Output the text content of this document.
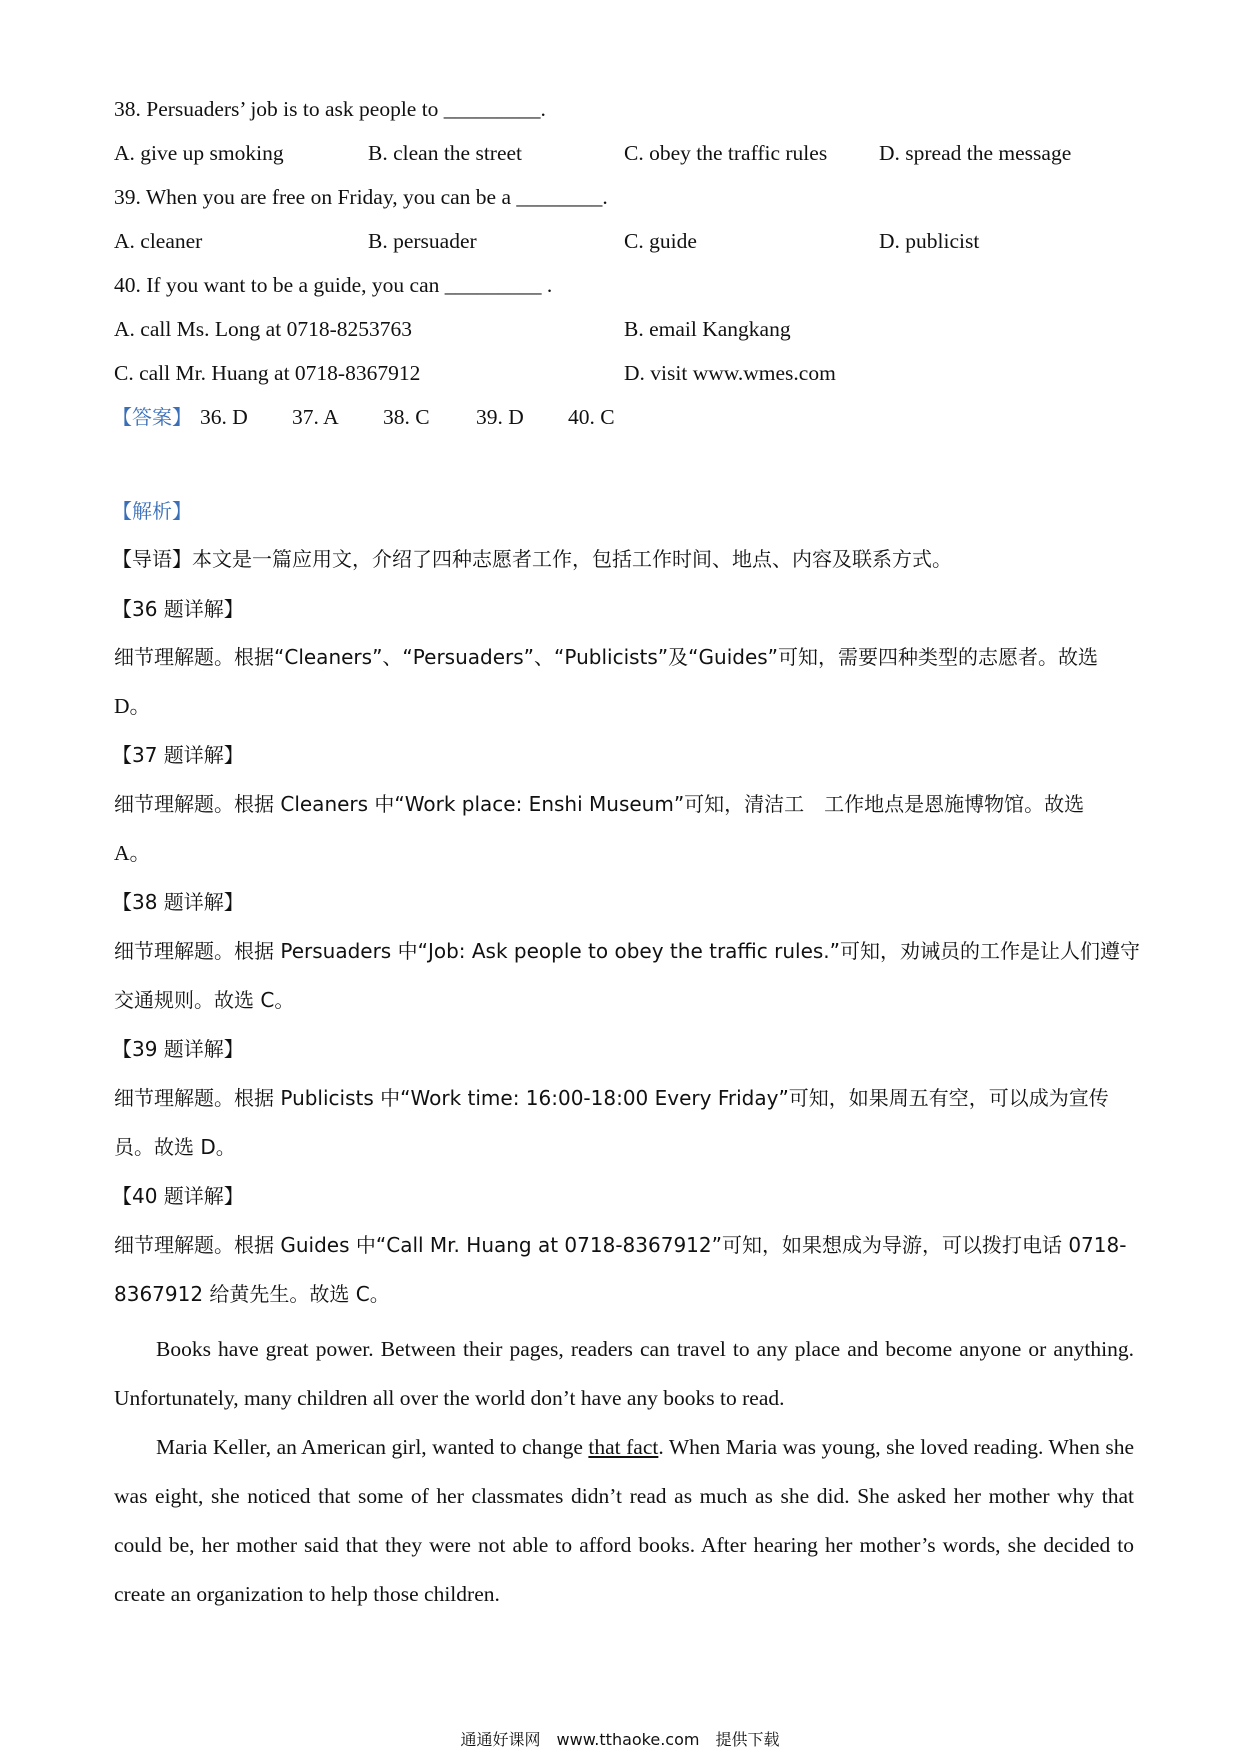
38. Persuaders’ job is to ask people to _________.
A. give up smoking	B. clean the street	C. obey the traffic rules D. spread the message
39. When you are free on Friday, you can be a ________.
A. cleaner	B. persuader	C. guide	D. publicist
40. If you want to be a guide, you can _________ .
A. call Ms. Long at 0718-8253763	B. email Kangkang
C. call Mr. Huang at 0718-8367912	D. visit www.wmes.com
【答案】 36. D 37. A 38. C 39. D 40. C
【解析】
【导语】本文是一篇应用文，介绍了四种志愿者工作，包括工作时间、地点、内容及联系方式。
【36 题详解】
细节理解题。根据“Cleaners”、“Persuaders”、“Publicists”及“Guides”可知，需要四种类型的志愿者。故选
D。
【37 题详解】
细节理解题。根据 Cleaners 中“Work place: Enshi Museum”可知，清洁工　工作地点是恩施博物馆。故选
A。
【38 题详解】
细节理解题。根据 Persuaders 中“Job: Ask people to obey the traffic rules.”可知，劝诫员的工作是让人们遵守
交通规则。故选 C。
【39 题详解】
细节理解题。根据 Publicists 中“Work time: 16:00-18:00 Every Friday”可知，如果周五有空，可以成为宣传
员。故选 D。
【40 题详解】
细节理解题。根据 Guides 中“Call Mr. Huang at 0718-8367912”可知，如果想成为导游，可以拨打电话 0718-
8367912 给黄先生。故选 C。
Books have great power. Between their pages, readers can travel to any place and become anyone or anything. Unfortunately, many children all over the world don’t have any books to read.
Maria Keller, an American girl, wanted to change that fact. When Maria was young, she loved reading. When she was eight, she noticed that some of her classmates didn’t read as much as she did. She asked her mother why that could be, her mother said that they were not able to afford books. After hearing her mother’s words, she decided to create an organization to help those children.
通通好课网　www.tthaoke.com　提供下载
